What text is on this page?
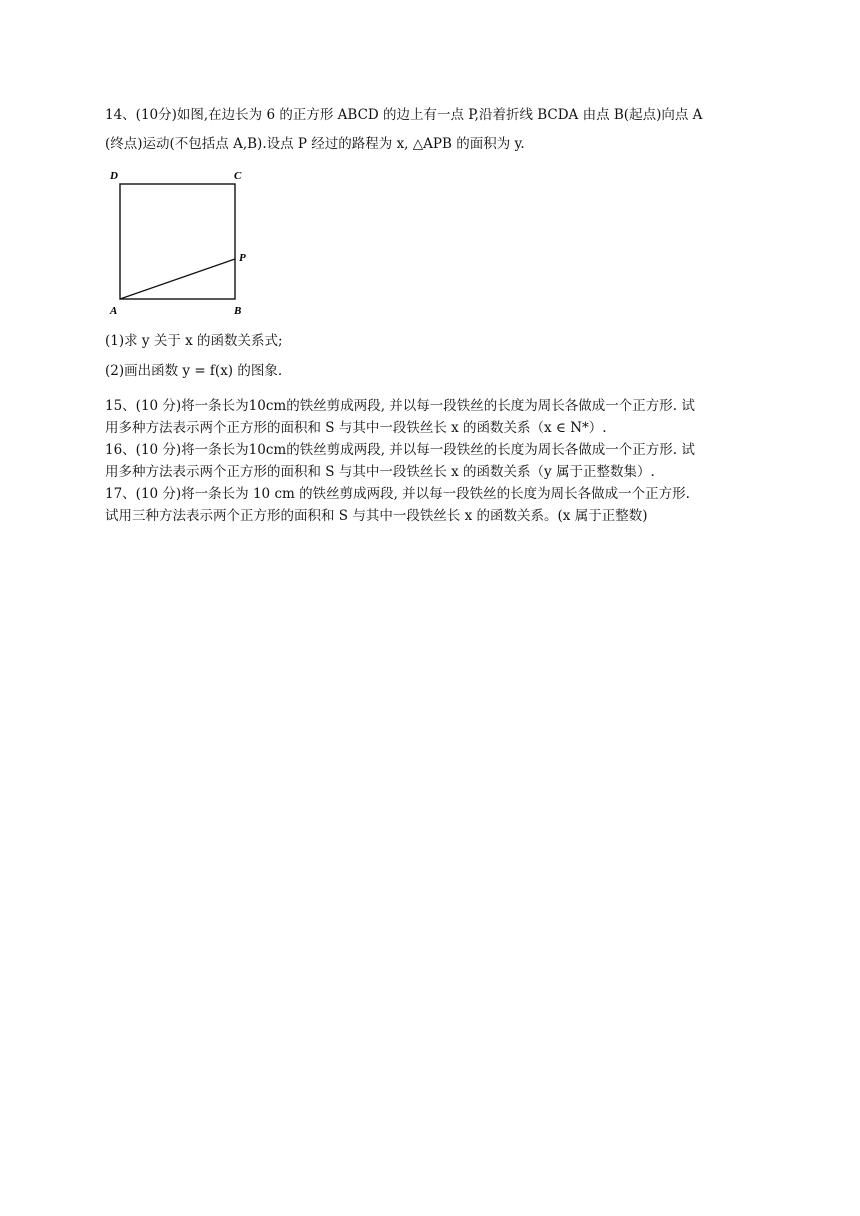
14、(10分)如图,在边长为 6 的正方形 ABCD 的边上有一点 P,沿着折线 BCDA 由点 B(起点)向点 A
(终点)运动(不包括点 A,B).设点 P 经过的路程为 x, △APB 的面积为 y.
D	C
P
A	B
(1)求 y 关于 x 的函数关系式;
(2)画出函数 y = f(x) 的图象.
15、(10 分)将一条长为10cm的铁丝剪成两段, 并以每一段铁丝的长度为周长各做成一个正方形. 试
用多种方法表示两个正方形的面积和 S 与其中一段铁丝长 x 的函数关系（x ∈ N*）.
16、(10 分)将一条长为10cm的铁丝剪成两段, 并以每一段铁丝的长度为周长各做成一个正方形. 试
用多种方法表示两个正方形的面积和 S 与其中一段铁丝长 x 的函数关系（y 属于正整数集）.
17、(10 分)将一条长为 10 cm 的铁丝剪成两段, 并以每一段铁丝的长度为周长各做成一个正方形.
试用三种方法表示两个正方形的面积和 S 与其中一段铁丝长 x 的函数关系。(x 属于正整数)
